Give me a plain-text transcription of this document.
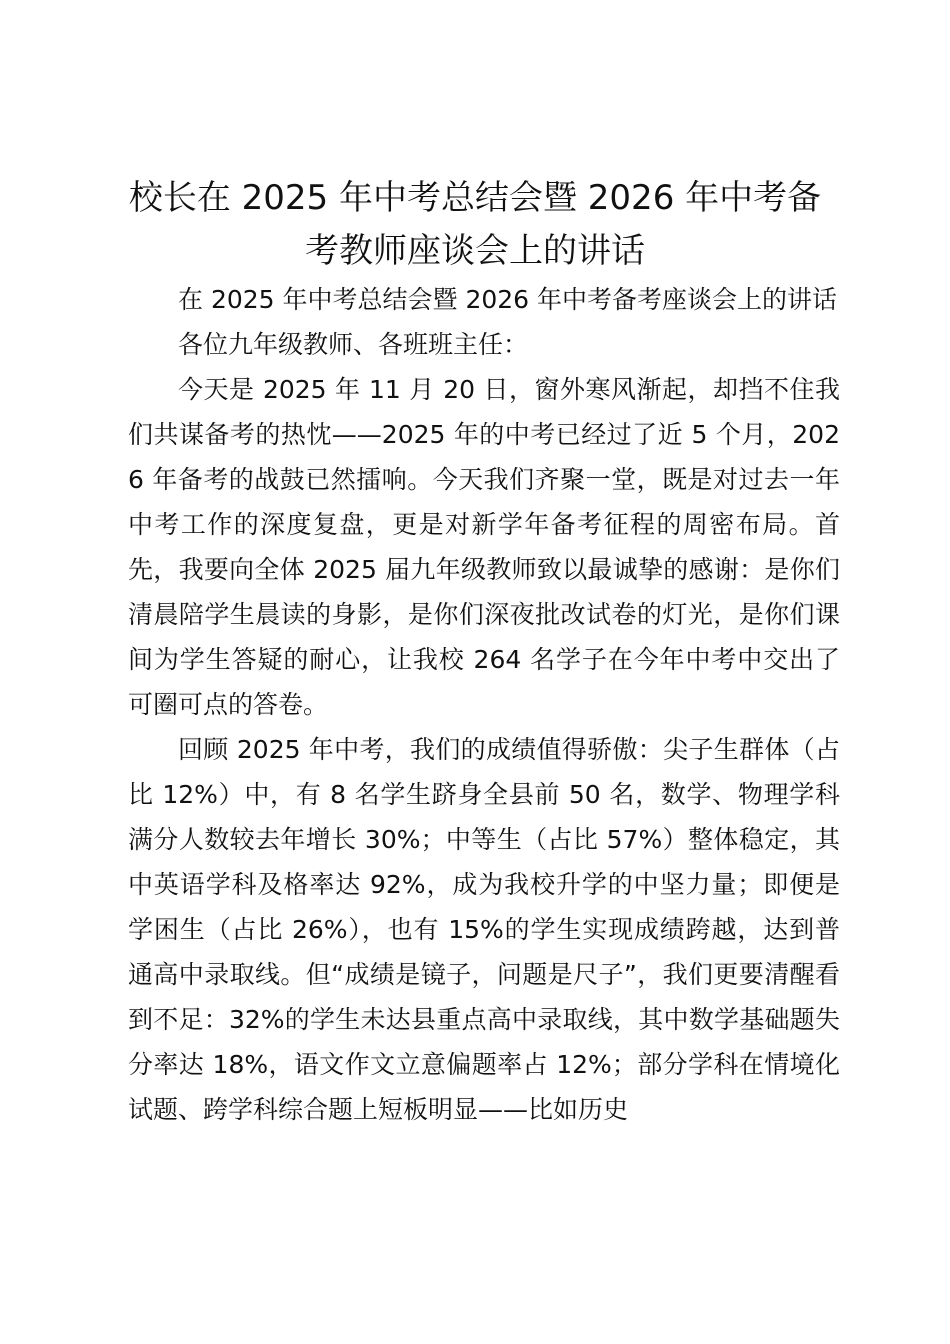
校长在 2025 年中考总结会暨 2026 年中考备考教师座谈会上的讲话

在 2025 年中考总结会暨 2026 年中考备考座谈会上的讲话

各位九年级教师、各班班主任：

今天是 2025 年 11 月 20 日，窗外寒风渐起，却挡不住我们共谋备考的热忱——2025 年的中考已经过了近 5 个月，2026 年备考的战鼓已然擂响。今天我们齐聚一堂，既是对过去一年中考工作的深度复盘，更是对新学年备考征程的周密布局。首先，我要向全体 2025 届九年级教师致以最诚挚的感谢：是你们清晨陪学生晨读的身影，是你们深夜批改试卷的灯光，是你们课间为学生答疑的耐心，让我校 264 名学子在今年中考中交出了可圈可点的答卷。

回顾 2025 年中考，我们的成绩值得骄傲：尖子生群体（占比 12%）中，有 8 名学生跻身全县前 50 名，数学、物理学科满分人数较去年增长 30%；中等生（占比 57%）整体稳定，其中英语学科及格率达 92%，成为我校升学的中坚力量；即便是学困生（占比 26%），也有 15%的学生实现成绩跨越，达到普通高中录取线。但“成绩是镜子，问题是尺子”，我们更要清醒看到不足：32%的学生未达县重点高中录取线，其中数学基础题失分率达 18%，语文作文立意偏题率占 12%；部分学科在情境化试题、跨学科综合题上短板明显——比如历史
